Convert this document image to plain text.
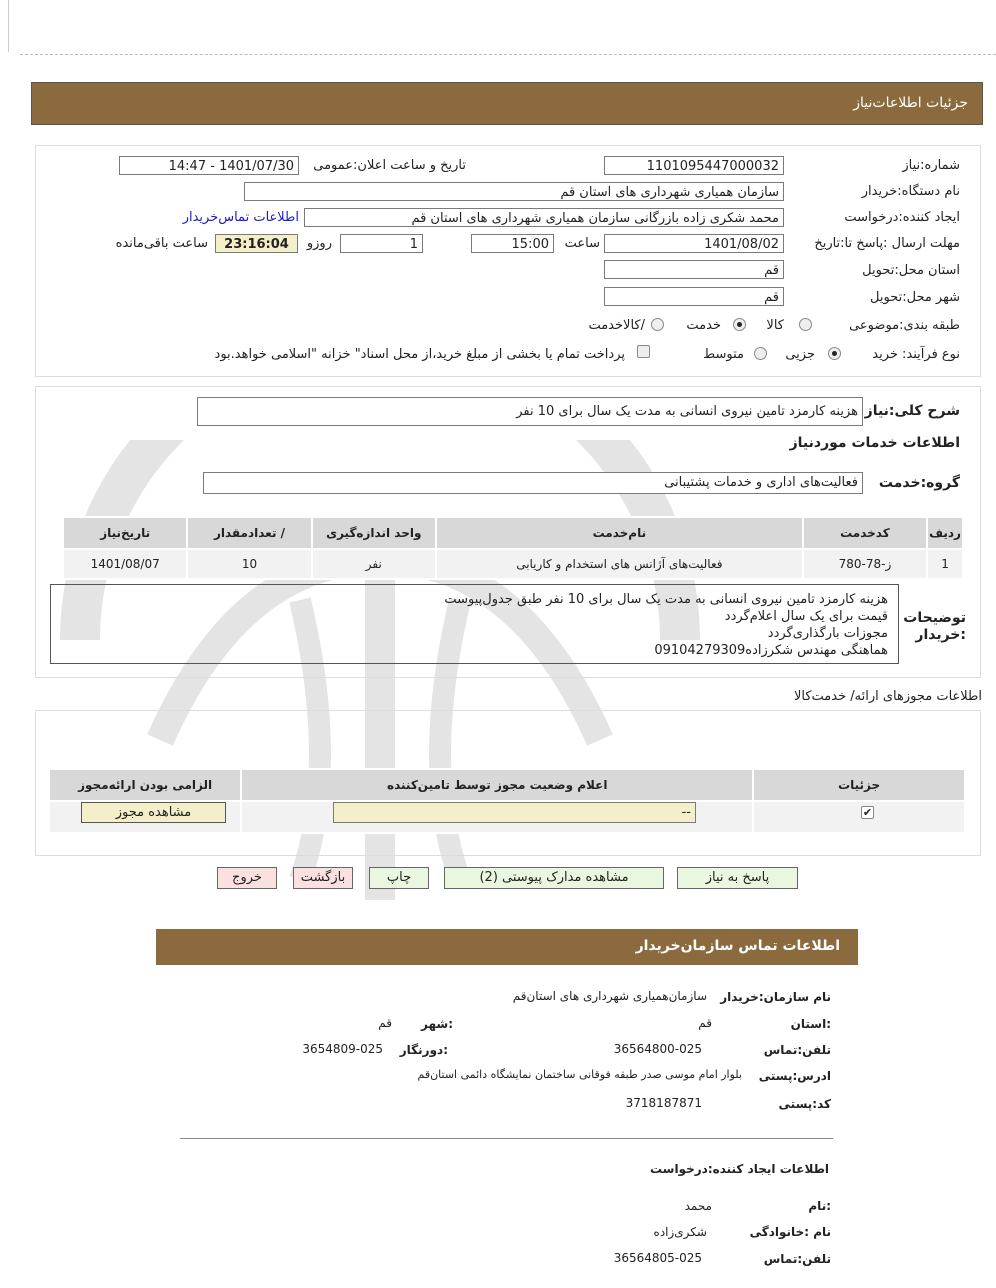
جزئیات اطلاعات‌نیاز
شماره:نیاز
1101095447000032
تاریخ و ساعت اعلان:عمومی
1401/07/30 - 14:47
نام دستگاه:خریدار
سازمان همیاری شهرداری های استان قم
ایجاد کننده:درخواست
محمد شکری زاده بازرگانی سازمان همیاری شهرداری های استان قم
اطلاعات تماس‌خریدار
مهلت ارسال :پاسخ تا:تاریخ
1401/08/02
ساعت
15:00
1
روزو
23:16:04
ساعت باقی‌مانده
استان محل:تحویل
قم
شهر محل:تحویل
قم
طبقه بندی:موضوعی
کالا
خدمت
/کالاخدمت
نوع فرآیند: خرید
جزیی
متوسط
پرداخت تمام یا بخشی از مبلغ خرید،از محل اسناد" خزانه "اسلامی خواهد.بود
شرح کلی:نیاز
هزینه کارمزد تامین نیروی انسانی به مدت یک سال برای 10 نفر
اطلاعات خدمات موردنیاز
گروه:خدمت
فعالیت‌های اداری و خدمات پشتیبانی
ردیف	کدخدمت	نام‌خدمت	واحد اندازه‌گیری	/ تعدادمقدار	تاریخ‌نیاز
1	ز-78-780	فعالیت‌های آژانس های استخدام و کاریابی	نفر	10	1401/08/07
توضیحات :خریدار
هزینه کارمزد تامین نیروی انسانی به مدت یک سال برای 10 نفر طبق جدول‌پیوست
قیمت برای یک سال اعلام‌گردد
مجوزات بارگذاری‌گردد
هماهنگی مهندس شکرزاده09104279309
اطلاعات مجوزهای ارائه/ خدمت‌کالا
جزئیات	اعلام وضعیت مجوز توسط تامین‌کننده	الزامی بودن ارائه‌مجوز

مشاهده مجوز	--	✔
پاسخ به نیاز
مشاهده مدارک پیوستی (2)
چاپ
بازگشت
خروج
اطلاعات تماس سازمان‌خریدار
نام سازمان:خریدار
سازمان‌همیاری شهرداری های استان‌قم
:استان
قم
:شهر
قم
تلفن:تماس
36564800-025
:دورنگار
3654809-025
ادرس:پستی
بلوار امام موسی صدر طبقه فوقانی ساختمان نمایشگاه دائمی استان‌قم
کد:پستی
3718187871
اطلاعات ایجاد کننده:درخواست
:نام
محمد
نام :خانوادگی
شکری‌زاده
تلفن:تماس
36564805-025
